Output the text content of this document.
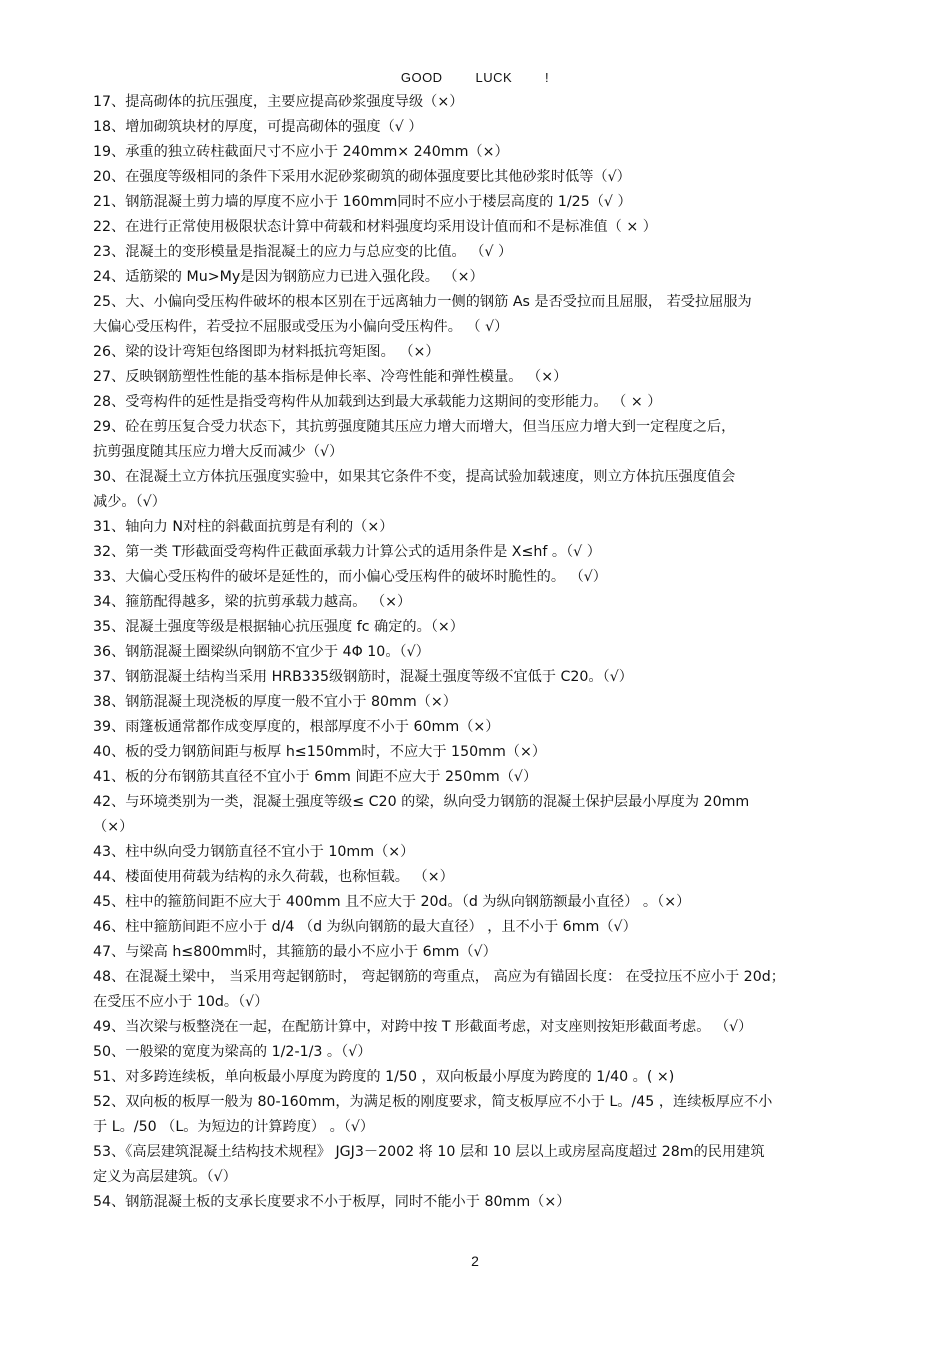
GOOD        LUCK        !
17、提高砌体的抗压强度，主要应提高砂浆强度导级（×）
18、增加砌筑块材的厚度，可提高砌体的强度（√ ）
19、承重的独立砖柱截面尺寸不应小于 240mm× 240mm（×）
20、在强度等级相同的条件下采用水泥砂浆砌筑的砌体强度要比其他砂浆时低等（√）
21、钢筋混凝土剪力墙的厚度不应小于 160mm同时不应小于楼层高度的 1/25（√ ）
22、在进行正常使用极限状态计算中荷载和材料强度均采用设计值而和不是标准值（ × ）
23、混凝土的变形模量是指混凝土的应力与总应变的比值。 （√ ）
24、适筋梁的 Mu>My是因为钢筋应力已进入强化段。 （×）
25、大、小偏向受压构件破坏的根本区别在于远离轴力一侧的钢筋 As 是否受拉而且屈服， 若受拉屈服为
大偏心受压构件，若受拉不屈服或受压为小偏向受压构件。 （ √）
26、梁的设计弯矩包络图即为材料抵抗弯矩图。 （×）
27、反映钢筋塑性性能的基本指标是伸长率、冷弯性能和弹性模量。 （×）
28、受弯构件的延性是指受弯构件从加载到达到最大承载能力这期间的变形能力。 （ × ）
29、砼在剪压复合受力状态下，其抗剪强度随其压应力增大而增大，但当压应力增大到一定程度之后，
抗剪强度随其压应力增大反而减少（√）
30、在混凝土立方体抗压强度实验中，如果其它条件不变，提高试验加载速度，则立方体抗压强度值会
减少。（√）
31、轴向力 N对柱的斜截面抗剪是有利的（×）
32、第一类 T形截面受弯构件正截面承载力计算公式的适用条件是 X≤hf 。（√ ）
33、大偏心受压构件的破坏是延性的，而小偏心受压构件的破坏时脆性的。 （√）
34、箍筋配得越多，梁的抗剪承载力越高。 （×）
35、混凝土强度等级是根据轴心抗压强度 fc 确定的。（×）
36、钢筋混凝土圈梁纵向钢筋不宜少于 4Φ 10。（√）
37、钢筋混凝土结构当采用 HRB335级钢筋时，混凝土强度等级不宜低于 C20。（√）
38、钢筋混凝土现浇板的厚度一般不宜小于 80mm（×）
39、雨篷板通常都作成变厚度的，根部厚度不小于 60mm（×）
40、板的受力钢筋间距与板厚 h≤150mm时，不应大于 150mm（×）
41、板的分布钢筋其直径不宜小于 6mm 间距不应大于 250mm（√）
42、与环境类别为一类，混凝土强度等级≤ C20 的梁，纵向受力钢筋的混凝土保护层最小厚度为 20mm
（×）
43、柱中纵向受力钢筋直径不宜小于 10mm（×）
44、楼面使用荷载为结构的永久荷载，也称恒载。 （×）
45、柱中的箍筋间距不应大于 400mm 且不应大于 20d。（d 为纵向钢筋额最小直径） 。（×）
46、柱中箍筋间距不应小于 d/4 （d 为纵向钢筋的最大直径） ，且不小于 6mm（√）
47、与梁高 h≤800mm时，其箍筋的最小不应小于 6mm（√）
48、在混凝土梁中， 当采用弯起钢筋时， 弯起钢筋的弯重点， 高应为有锚固长度： 在受拉压不应小于 20d；
在受压不应小于 10d。（√）
49、当次梁与板整浇在一起，在配筋计算中，对跨中按 T 形截面考虑，对支座则按矩形截面考虑。 （√）
50、一般梁的宽度为梁高的 1/2-1/3 。（√）
51、对多跨连续板，单向板最小厚度为跨度的 1/50 ，双向板最小厚度为跨度的 1/40 。( ×)
52、双向板的板厚一般为 80-160mm，为满足板的刚度要求，简支板厚应不小于 L。/45 ，连续板厚应不小
于 L。/50 （L。为短边的计算跨度） 。（√）
53、《高层建筑混凝土结构技术规程》 JGJ3－2002 将 10 层和 10 层以上或房屋高度超过 28m的民用建筑
定义为高层建筑。（√）
54、钢筋混凝土板的支承长度要求不小于板厚，同时不能小于 80mm（×）
2
